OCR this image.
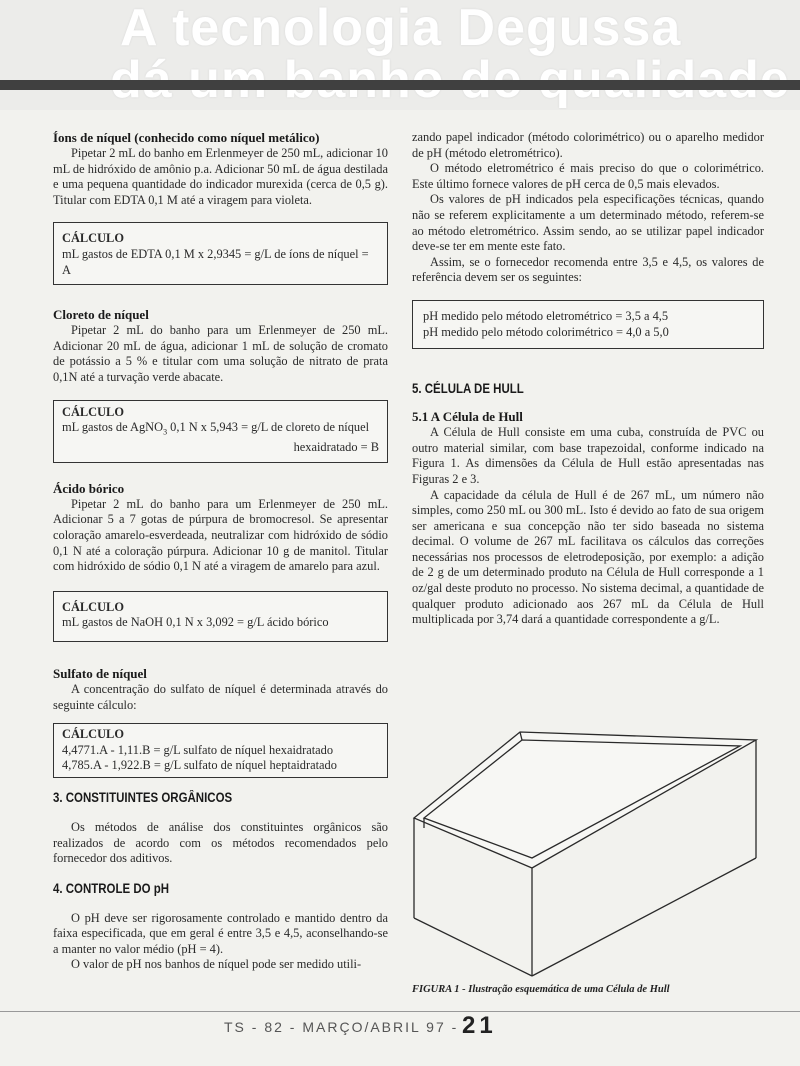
A tecnologia Degussa
Íons de níquel (conhecido como níquel metálico)

Pipetar 2 mL do banho em Erlenmeyer de 250 mL, adicionar 10 mL de hidróxido de amônio p.a. Adicionar 50 mL de água destilada e uma pequena quantidade do indicador murexida (cerca de 0,5 g). Titular com EDTA 0,1 M até a viragem para violeta.

CÁLCULO
mL gastos de EDTA 0,1 M x 2,9345 = g/L de íons de níquel = A
Cloreto de níquel

Pipetar 2 mL do banho para um Erlenmeyer de 250 mL. Adicionar 20 mL de água, adicionar 1 mL de solução de cromato de potássio a 5 % e titular com uma solução de nitrato de prata 0,1N até a turvação verde abacate.

CÁLCULO
mL gastos de AgNO$_3$ 0,1 N x 5,943 = g/L de cloreto de níquel
hexaidratado = B
Ácido bórico

Pipetar 2 mL do banho para um Erlenmeyer de 250 mL. Adicionar 5 a 7 gotas de púrpura de bromocresol. Se apresentar coloração amarelo-esverdeada, neutralizar com hidróxido de sódio 0,1 N até a coloração púrpura. Adicionar 10 g de manitol. Titular com hidróxido de sódio 0,1 N até a viragem de amarelo para azul.

CÁLCULO
mL gastos de NaOH 0,1 N x 3,092 = g/L ácido bórico
Sulfato de níquel

A concentração do sulfato de níquel é determinada através do seguinte cálculo:

CÁLCULO
4,4771.A - 1,11.B = g/L sulfato de níquel hexaidratado
4,785.A - 1,922.B = g/L sulfato de níquel heptaidratado
3. CONSTITUINTES ORGÂNICOS

Os métodos de análise dos constituintes orgânicos são realizados de acordo com os métodos recomendados pelo fornecedor dos aditivos.

4. CONTROLE DO pH

O pH deve ser rigorosamente controlado e mantido dentro da faixa especificada, que em geral é entre 3,5 e 4,5, aconselhando-se a manter no valor médio (pH = 4).

O valor de pH nos banhos de níquel pode ser medido utili-

zando papel indicador (método colorimétrico) ou o aparelho medidor de pH (método eletrométrico).

O método eletrométrico é mais preciso do que o colorimétrico. Este último fornece valores de pH cerca de 0,5 mais elevados.

Os valores de pH indicados pela especificações técnicas, quando não se referem explicitamente a um determinado método, referem-se ao método eletrométrico. Assim sendo, ao se utilizar papel indicador deve-se ter em mente este fato.

Assim, se o fornecedor recomenda entre 3,5 e 4,5, os valores de referência devem ser os seguintes:

pH medido pelo método eletrométrico = 3,5 a 4,5
pH medido pelo método colorimétrico = 4,0 a 5,0
5. CÉLULA DE HULL
5.1 A Célula de Hull

A Célula de Hull consiste em uma cuba, construída de PVC ou outro material similar, com base trapezoidal, conforme indicado na Figura 1. As dimensões da Célula de Hull estão apresentadas nas Figuras 2 e 3.

A capacidade da célula de Hull é de 267 mL, um número não simples, como 250 mL ou 300 mL. Isto é devido ao fato de sua origem ser americana e sua concepção não ter sido baseada no sistema decimal. O volume de 267 mL facilitava os cálculos das correções necessárias nos processos de eletrodeposição, por exemplo: a adição de 2 g de um determinado produto na Célula de Hull corresponde a 1 oz/gal deste produto no processo. No sistema decimal, a quantidade de qualquer produto adicionado aos 267 mL da Célula de Hull multiplicada por 3,74 dará a quantidade correspondente a g/L.

FIGURA 1 - Ilustração esquemática de uma Célula de Hull
TS - 82 - MARÇO/ABRIL 97 - 21
